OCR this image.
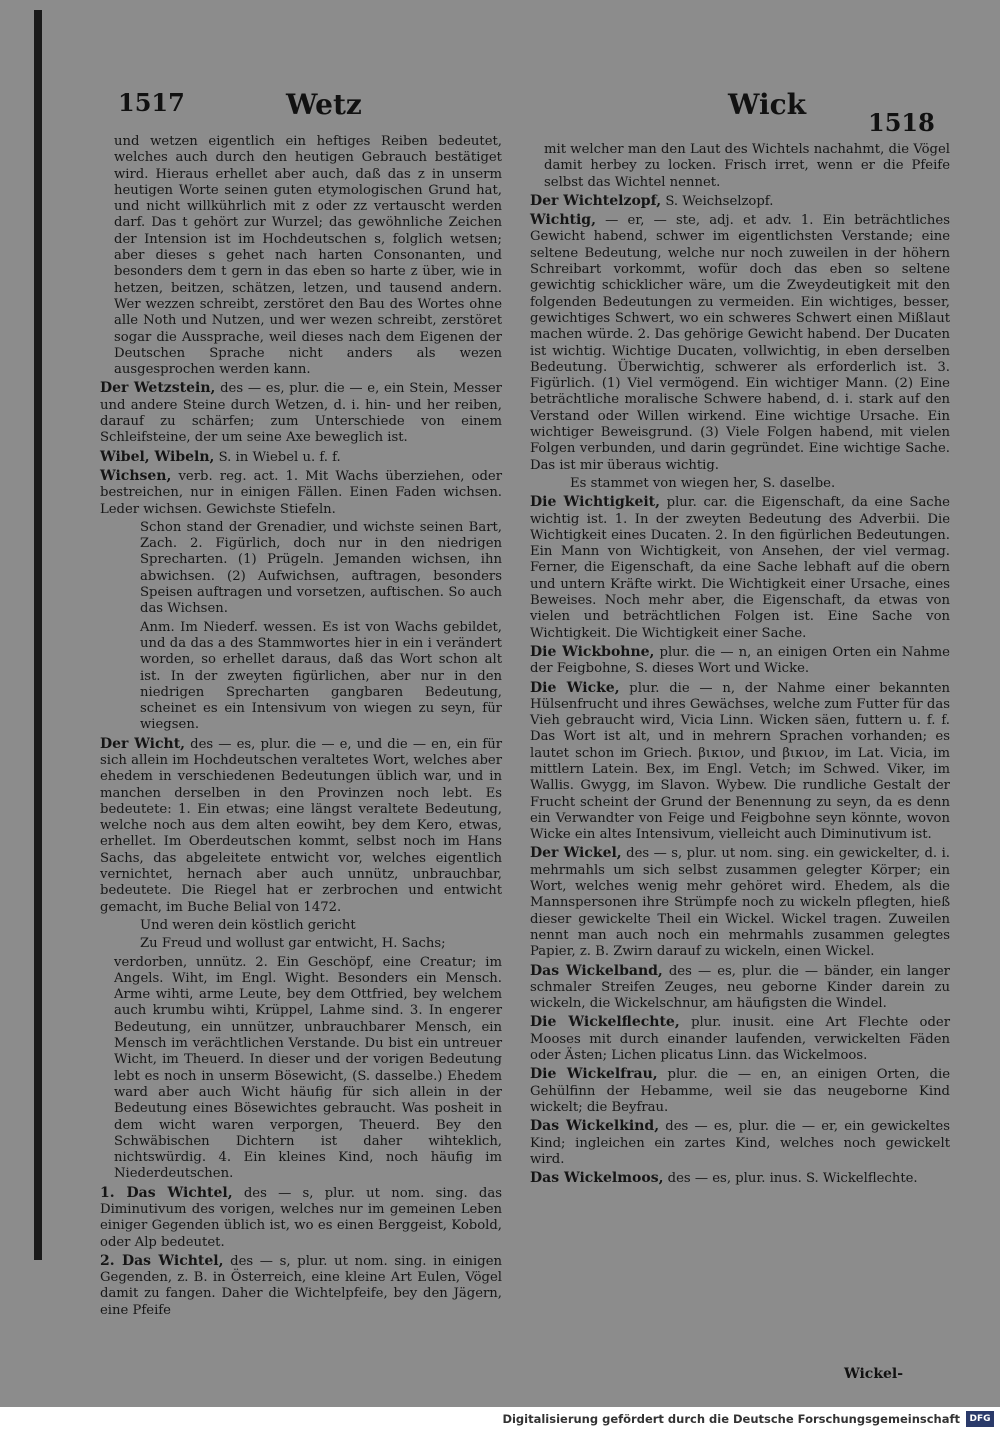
1517	Wetz	Wick
1518

und wetzen eigentlich ein heftiges Reiben bedeutet, welches auch durch den heutigen Gebrauch bestätiget wird. Hieraus erhellet aber auch, daß das z in unserm heutigen Worte seinen guten etymologischen Grund hat, und nicht willkührlich mit z oder zz vertauscht werden darf. Das t gehört zur Wurzel; das gewöhnliche Zeichen der Intension ist im Hochdeutschen s, folglich wetsen; aber dieses s gehet nach harten Consonanten, und besonders dem t gern in das eben so harte z über, wie in hetzen, beitzen, schätzen, letzen, und tausend andern. Wer wezzen schreibt, zerstöret den Bau des Wortes ohne alle Noth und Nutzen, und wer wezen schreibt, zerstöret sogar die Aussprache, weil dieses nach dem Eigenen der Deutschen Sprache nicht anders als wezen ausgesprochen werden kann.

Der Wetzstein, des — es, plur. die — e, ein Stein, Messer und andere Steine durch Wetzen, d. i. hin- und her reiben, darauf zu schärfen; zum Unterschiede von einem Schleifsteine, der um seine Axe beweglich ist.

Wibel, Wibeln, S. in Wiebel u. f. f.

Wichsen, verb. reg. act. 1. Mit Wachs überziehen, oder bestreichen, nur in einigen Fällen. Einen Faden wichsen. Leder wichsen. Gewichste Stiefeln.

Schon stand der Grenadier, und wichste seinen Bart, Zach. 2. Figürlich, doch nur in den niedrigen Sprecharten. (1) Prügeln. Jemanden wichsen, ihn abwichsen. (2) Aufwichsen, auftragen, besonders Speisen auftragen und vorsetzen, auftischen. So auch das Wichsen.

Anm. Im Niederf. wessen. Es ist von Wachs gebildet, und da das a des Stammwortes hier in ein i verändert worden, so erhellet daraus, daß das Wort schon alt ist. In der zweyten figürlichen, aber nur in den niedrigen Sprecharten gangbaren Bedeutung, scheinet es ein Intensivum von wiegen zu seyn, für wiegsen.

Der Wicht, des — es, plur. die — e, und die — en, ein für sich allein im Hochdeutschen veraltetes Wort, welches aber ehedem in verschiedenen Bedeutungen üblich war, und in manchen derselben in den Provinzen noch lebt. Es bedeutete: 1. Ein etwas; eine längst veraltete Bedeutung, welche noch aus dem alten eowiht, bey dem Kero, etwas, erhellet. Im Oberdeutschen kommt, selbst noch im Hans Sachs, das abgeleitete entwicht vor, welches eigentlich vernichtet, hernach aber auch unnütz, unbrauchbar, bedeutete. Die Riegel hat er zerbrochen und entwicht gemacht, im Buche Belial von 1472.

Und weren dein köstlich gericht

Zu Freud und wollust gar entwicht, H. Sachs;

verdorben, unnütz. 2. Ein Geschöpf, eine Creatur; im Angels. Wiht, im Engl. Wight. Besonders ein Mensch. Arme wihti, arme Leute, bey dem Ottfried, bey welchem auch krumbu wihti, Krüppel, Lahme sind. 3. In engerer Bedeutung, ein unnützer, unbrauchbarer Mensch, ein Mensch im verächtlichen Verstande. Du bist ein untreuer Wicht, im Theuerd. In dieser und der vorigen Bedeutung lebt es noch in unserm Bösewicht, (S. dasselbe.) Ehedem ward aber auch Wicht häufig für sich allein in der Bedeutung eines Bösewichtes gebraucht. Was posheit in dem wicht waren verporgen, Theuerd. Bey den Schwäbischen Dichtern ist daher wihteklich, nichtswürdig. 4. Ein kleines Kind, noch häufig im Niederdeutschen.

1. Das Wichtel, des — s, plur. ut nom. sing. das Diminutivum des vorigen, welches nur im gemeinen Leben einiger Gegenden üblich ist, wo es einen Berggeist, Kobold, oder Alp bedeutet.

2. Das Wichtel, des — s, plur. ut nom. sing. in einigen Gegenden, z. B. in Österreich, eine kleine Art Eulen, Vögel damit zu fangen. Daher die Wichtelpfeife, bey den Jägern, eine Pfeife

mit welcher man den Laut des Wichtels nachahmt, die Vögel damit herbey zu locken. Frisch irret, wenn er die Pfeife selbst das Wichtel nennet.

Der Wichtelzopf, S. Weichselzopf.

Wichtig, — er, — ste, adj. et adv. 1. Ein beträchtliches Gewicht habend, schwer im eigentlichsten Verstande; eine seltene Bedeutung, welche nur noch zuweilen in der höhern Schreibart vorkommt, wofür doch das eben so seltene gewichtig schicklicher wäre, um die Zweydeutigkeit mit den folgenden Bedeutungen zu vermeiden. Ein wichtiges, besser, gewichtiges Schwert, wo ein schweres Schwert einen Mißlaut machen würde. 2. Das gehörige Gewicht habend. Der Ducaten ist wichtig. Wichtige Ducaten, vollwichtig, in eben derselben Bedeutung. Überwichtig, schwerer als erforderlich ist. 3. Figürlich. (1) Viel vermögend. Ein wichtiger Mann. (2) Eine beträchtliche moralische Schwere habend, d. i. stark auf den Verstand oder Willen wirkend. Eine wichtige Ursache. Ein wichtiger Beweisgrund. (3) Viele Folgen habend, mit vielen Folgen verbunden, und darin gegründet. Eine wichtige Sache. Das ist mir überaus wichtig.

Es stammet von wiegen her, S. daselbe.

Die Wichtigkeit, plur. car. die Eigenschaft, da eine Sache wichtig ist. 1. In der zweyten Bedeutung des Adverbii. Die Wichtigkeit eines Ducaten. 2. In den figürlichen Bedeutungen. Ein Mann von Wichtigkeit, von Ansehen, der viel vermag. Ferner, die Eigenschaft, da eine Sache lebhaft auf die obern und untern Kräfte wirkt. Die Wichtigkeit einer Ursache, eines Beweises. Noch mehr aber, die Eigenschaft, da etwas von vielen und beträchtlichen Folgen ist. Eine Sache von Wichtigkeit. Die Wichtigkeit einer Sache.

Die Wickbohne, plur. die — n, an einigen Orten ein Nahme der Feigbohne, S. dieses Wort und Wicke.

Die Wicke, plur. die — n, der Nahme einer bekannten Hülsenfrucht und ihres Gewächses, welche zum Futter für das Vieh gebraucht wird, Vicia Linn. Wicken säen, futtern u. f. f. Das Wort ist alt, und in mehrern Sprachen vorhanden; es lautet schon im Griech. βικιον, und βικιον, im Lat. Vicia, im mittlern Latein. Bex, im Engl. Vetch; im Schwed. Viker, im Wallis. Gwygg, im Slavon. Wybew. Die rundliche Gestalt der Frucht scheint der Grund der Benennung zu seyn, da es denn ein Verwandter von Feige und Feigbohne seyn könnte, wovon Wicke ein altes Intensivum, vielleicht auch Diminutivum ist.

Der Wickel, des — s, plur. ut nom. sing. ein gewickelter, d. i. mehrmahls um sich selbst zusammen gelegter Körper; ein Wort, welches wenig mehr gehöret wird. Ehedem, als die Mannspersonen ihre Strümpfe noch zu wickeln pflegten, hieß dieser gewickelte Theil ein Wickel. Wickel tragen. Zuweilen nennt man auch noch ein mehrmahls zusammen gelegtes Papier, z. B. Zwirn darauf zu wickeln, einen Wickel.

Das Wickelband, des — es, plur. die — bänder, ein langer schmaler Streifen Zeuges, neu geborne Kinder darein zu wickeln, die Wickelschnur, am häufigsten die Windel.

Die Wickelflechte, plur. inusit. eine Art Flechte oder Mooses mit durch einander laufenden, verwickelten Fäden oder Ästen; Lichen plicatus Linn. das Wickelmoos.

Die Wickelfrau, plur. die — en, an einigen Orten, die Gehülfinn der Hebamme, weil sie das neugeborne Kind wickelt; die Beyfrau.

Das Wickelkind, des — es, plur. die — er, ein gewickeltes Kind; ingleichen ein zartes Kind, welches noch gewickelt wird.

Das Wickelmoos, des — es, plur. inus. S. Wickelflechte.

Wickel-
Digitalisierung gefördert durch die Deutsche Forschungsgemeinschaft	DFG
